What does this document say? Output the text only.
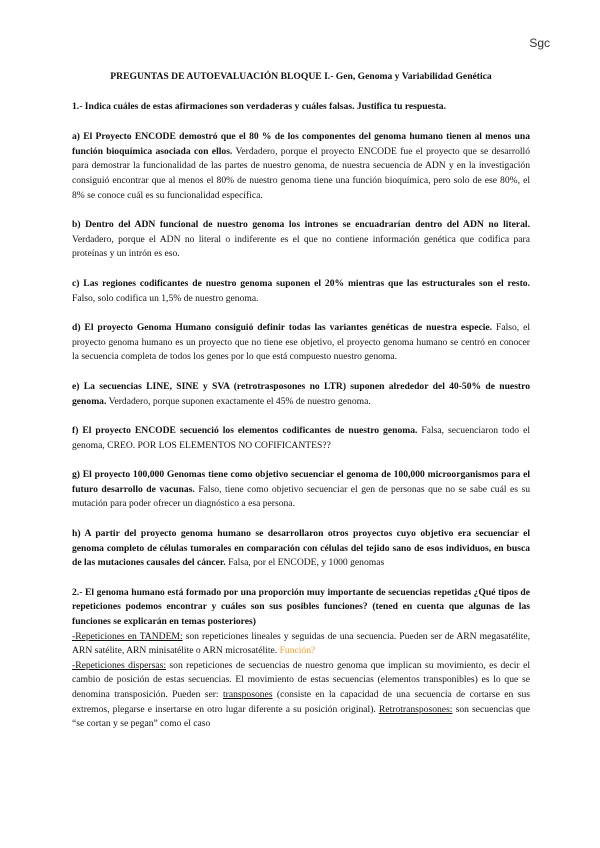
Sgc

PREGUNTAS DE AUTOEVALUACIÓN BLOQUE I.- Gen, Genoma y Variabilidad Genética

1.- Indica cuáles de estas afirmaciones son verdaderas y cuáles falsas. Justifica tu respuesta.

a) El Proyecto ENCODE demostró que el 80 % de los componentes del genoma humano tienen al menos una función bioquímica asociada con ellos. Verdadero, porque el proyecto ENCODE fue el proyecto que se desarrolló para demostrar la funcionalidad de las partes de nuestro genoma, de nuestra secuencia de ADN y en la investigación consiguió encontrar que al menos el 80% de nuestro genoma tiene una función bioquímica, pero solo de ese 80%, el 8% se conoce cuál es su funcionalidad específica.

b) Dentro del ADN funcional de nuestro genoma los intrones se encuadrarían dentro del ADN no literal. Verdadero, porque el ADN no literal o indiferente es el que no contiene información genética que codifica para proteínas y un intrón es eso.

c) Las regiones codificantes de nuestro genoma suponen el 20% mientras que las estructurales son el resto. Falso, solo codifica un 1,5% de nuestro genoma.

d) El proyecto Genoma Humano consiguió definir todas las variantes genéticas de nuestra especie. Falso, el proyecto genoma humano es un proyecto que no tiene ese objetivo, el proyecto genoma humano se centró en conocer la secuencia completa de todos los genes por lo que está compuesto nuestro genoma.

e) La secuencias LINE, SINE y SVA (retrotrasposones no LTR) suponen alrededor del 40-50% de nuestro genoma. Verdadero, porque suponen exactamente el 45% de nuestro genoma.

f) El proyecto ENCODE secuenció los elementos codificantes de nuestro genoma. Falsa, secuenciaron todo el genoma, CREO. POR LOS ELEMENTOS NO COFIFICANTES??

g) El proyecto 100,000 Genomas tiene como objetivo secuenciar el genoma de 100,000 microorganismos para el futuro desarrollo de vacunas. Falso, tiene como objetivo secuenciar el gen de personas que no se sabe cuál es su mutación para poder ofrecer un diagnóstico a esa persona.

h) A partir del proyecto genoma humano se desarrollaron otros proyectos cuyo objetivo era secuenciar el genoma completo de células tumorales en comparación con células del tejido sano de esos individuos, en busca de las mutaciones causales del cáncer. Falsa, por el ENCODE, y 1000 genomas

2.- El genoma humano está formado por una proporción muy importante de secuencias repetidas ¿Qué tipos de repeticiones podemos encontrar y cuáles son sus posibles funciones? (tened en cuenta que algunas de las funciones se explicarán en temas posteriores)

-Repeticiones en TANDEM: son repeticiones lineales y seguidas de una secuencia. Pueden ser de ARN megasatélite, ARN satélite, ARN minisatélite o ARN microsatélite. Función?

-Repeticiones dispersas: son repeticiones de secuencias de nuestro genoma que implican su movimiento, es decir el cambio de posición de estas secuencias. El movimiento de estas secuencias (elementos transponibles) es lo que se denomina transposición. Pueden ser: transposones (consiste en la capacidad de una secuencia de cortarse en sus extremos, plegarse e insertarse en otro lugar diferente a su posición original). Retrotransposones: son secuencias que “se cortan y se pegan” como el caso
